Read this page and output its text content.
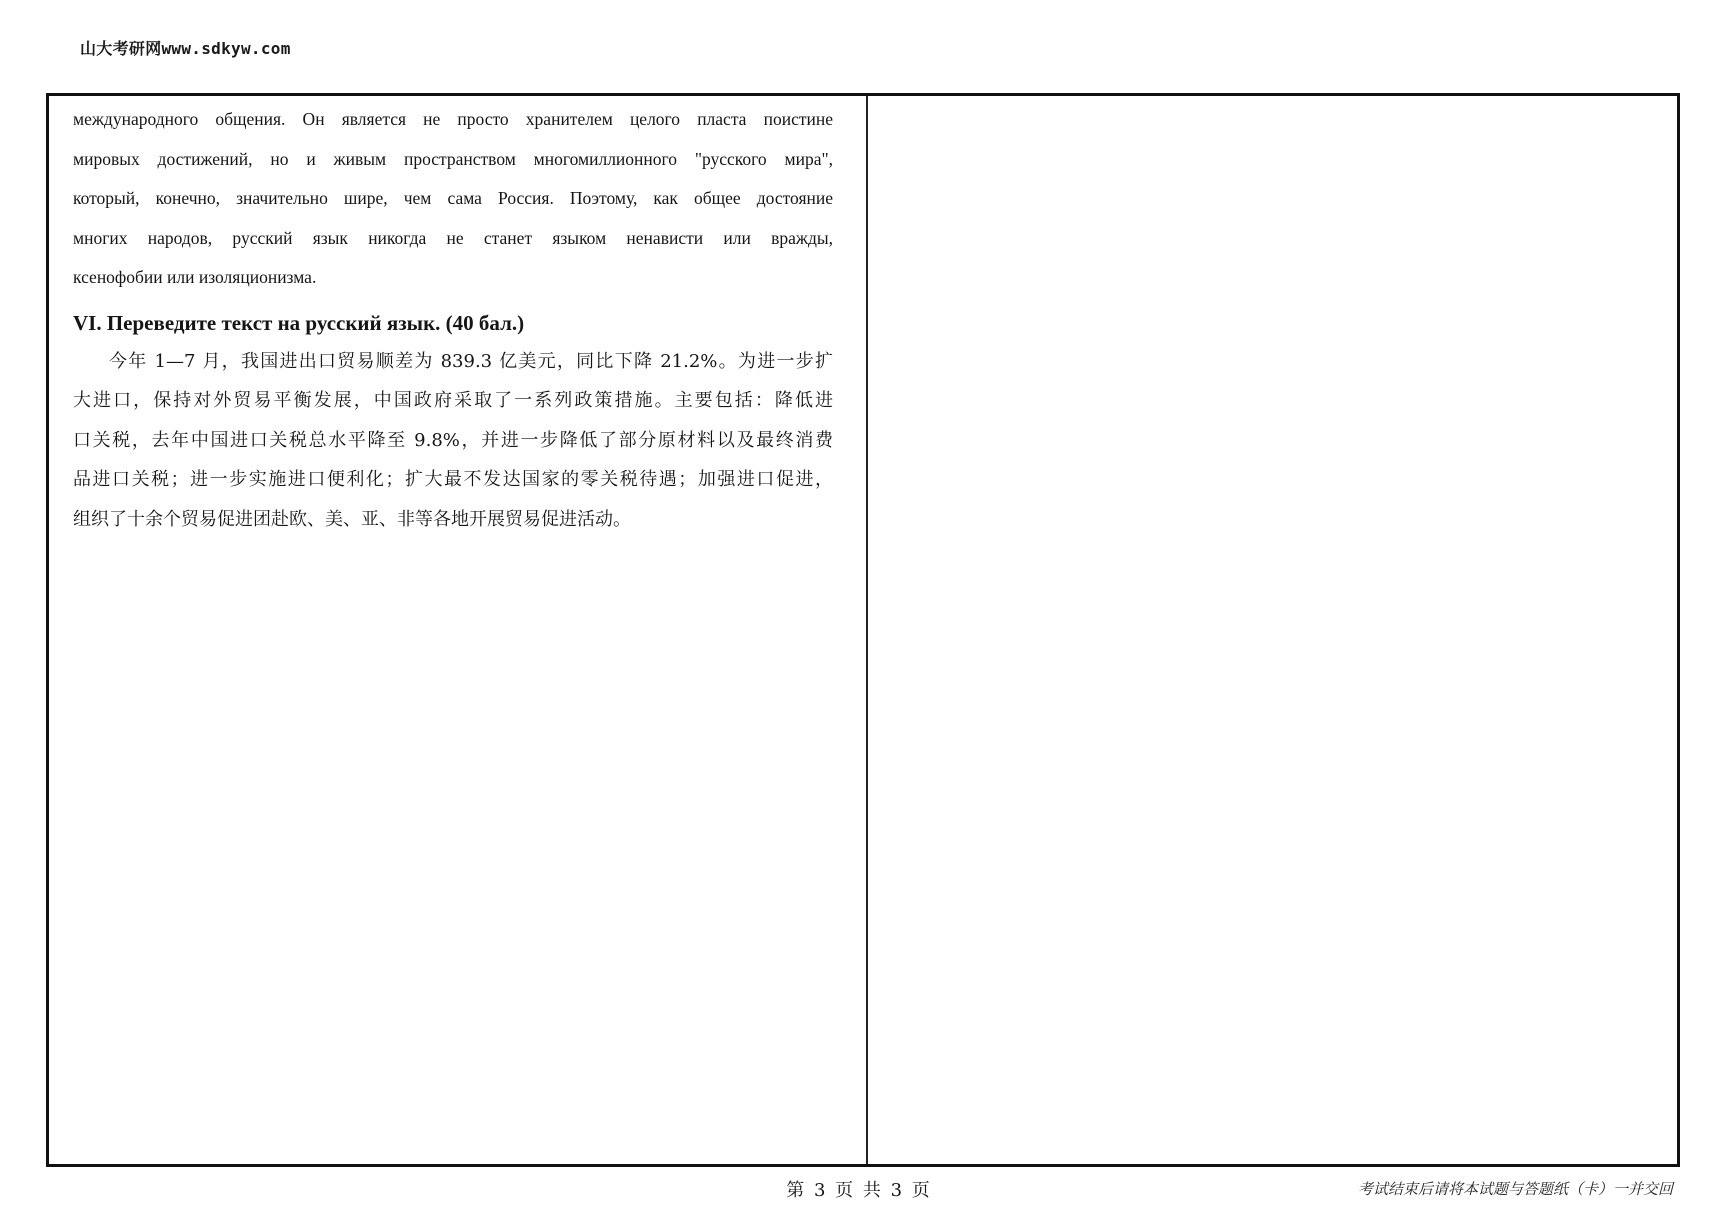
山大考研网www.sdkyw.com

международного общения. Он является не просто хранителем целого пласта поистине
мировых достижений, но и живым пространством многомиллионного "русского мира",
который, конечно, значительно шире, чем сама Россия. Поэтому, как общее достояние
многих народов, русский язык никогда не станет языком ненависти или вражды,
ксенофобии или изоляционизма.

VI. Переведите текст на русский язык. (40 бал.)

今年 1—7 月，我国进出口贸易顺差为 839.3 亿美元，同比下降 21.2%。为进一步扩
大进口，保持对外贸易平衡发展，中国政府采取了一系列政策措施。主要包括：降低进
口关税，去年中国进口关税总水平降至 9.8%，并进一步降低了部分原材料以及最终消费
品进口关税；进一步实施进口便利化；扩大最不发达国家的零关税待遇；加强进口促进，
组织了十余个贸易促进团赴欧、美、亚、非等各地开展贸易促进活动。

第 3 页 共 3 页	考试结束后请将本试题与答题纸（卡）一并交回
